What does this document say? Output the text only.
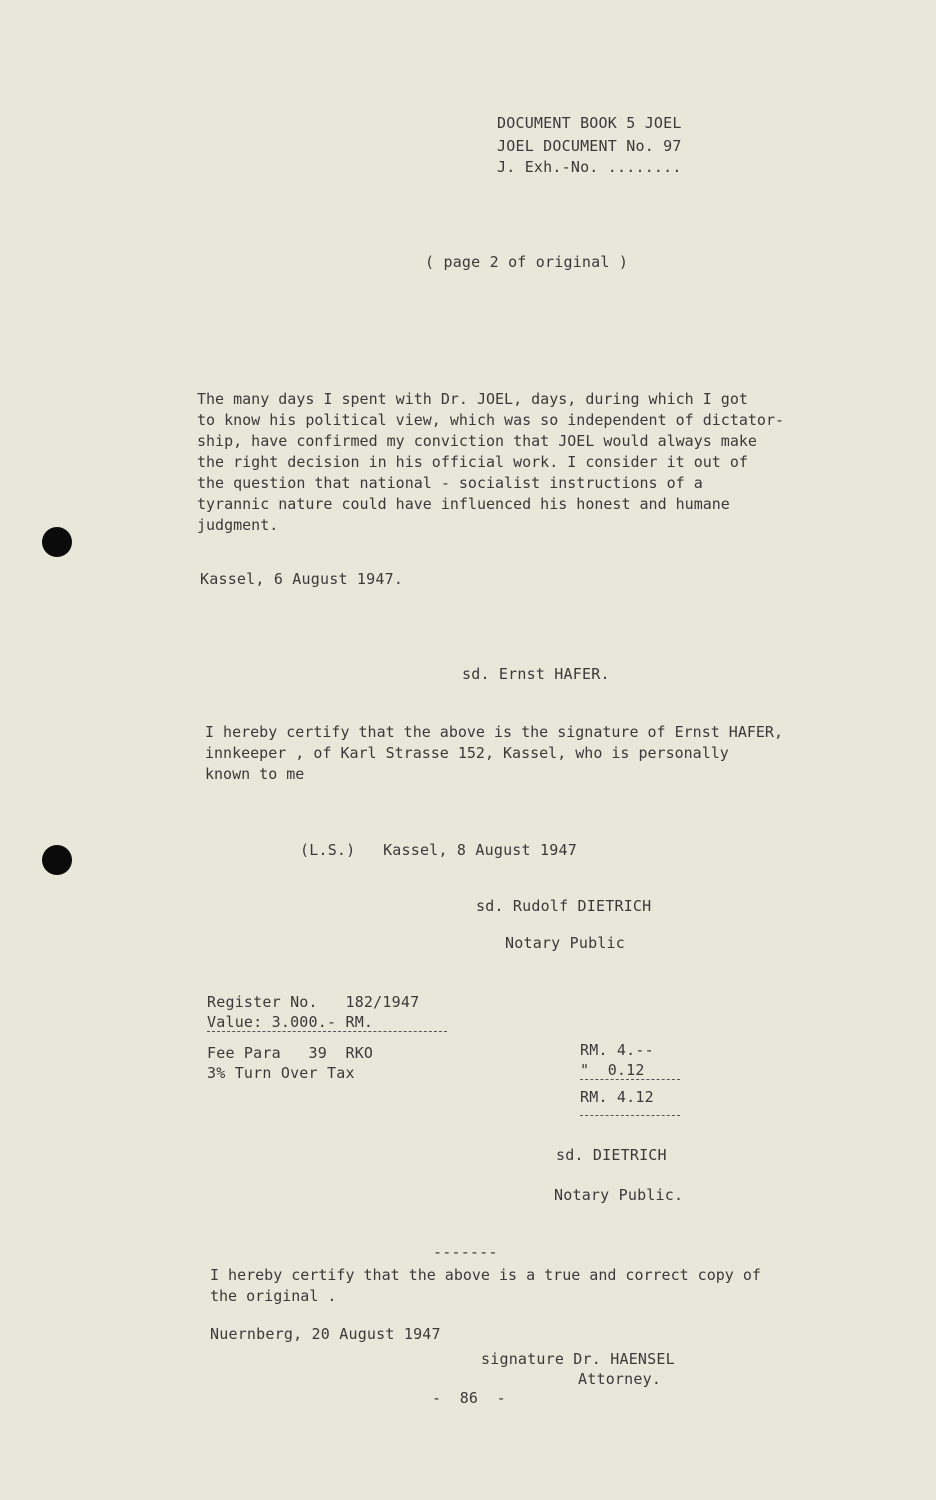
DOCUMENT BOOK 5 JOEL
JOEL DOCUMENT No. 97
J. Exh.-No. ........
( page 2 of original )
The many days I spent with Dr. JOEL, days, during which I got
to know his political view, which was so independent of dictator-
ship, have confirmed my conviction that JOEL would always make
the right decision in his official work. I consider it out of
the question that national - socialist instructions of a
tyrannic nature could have influenced his honest and humane
judgment.
Kassel, 6 August 1947.
sd. Ernst HAFER.
I hereby certify that the above is the signature of Ernst HAFER,
innkeeper , of Karl Strasse 152, Kassel, who is personally
known to me
(L.S.)   Kassel, 8 August 1947
sd. Rudolf DIETRICH
Notary Public
Register No.   182/1947
Value: 3.000.- RM.
Fee Para   39  RKO
3% Turn Over Tax
RM. 4.--
"  0.12
RM. 4.12
sd. DIETRICH
Notary Public.
-------
I hereby certify that the above is a true and correct copy of
the original .
Nuernberg, 20 August 1947
signature Dr. HAENSEL
Attorney.
-  86  -
